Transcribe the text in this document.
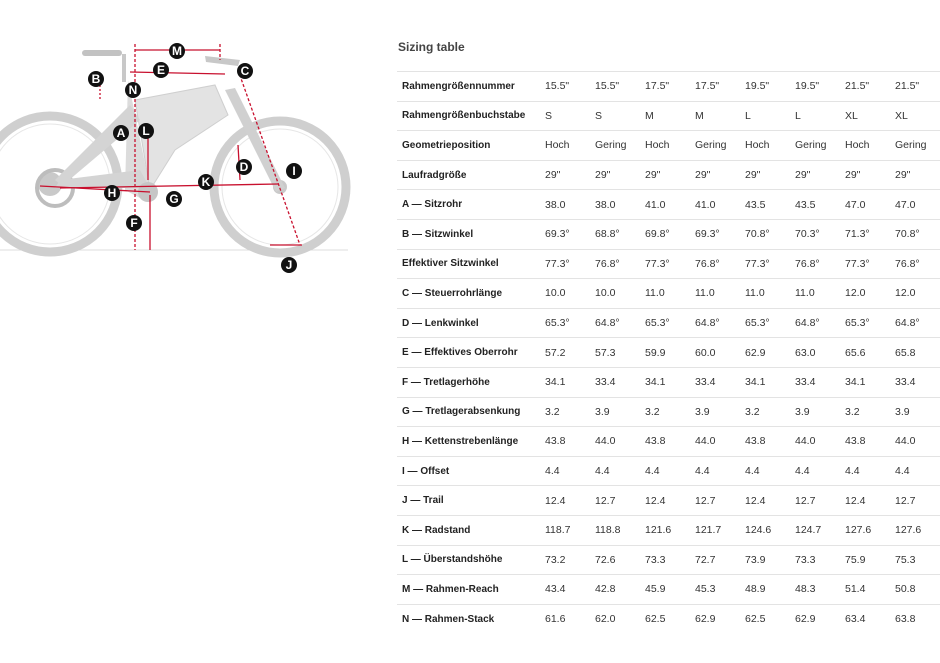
M
E	C
B
N
A L
D	I
K
H	G
F
J
Sizing table
Rahmengrößennummer	15.5"	15.5"	17.5"	17.5"	19.5"	19.5"	21.5"	21.5"
Rahmengrößenbuchstabe	S	S	M	M	L	L	XL	XL
Geometrieposition	Hoch	Gering	Hoch	Gering	Hoch	Gering	Hoch	Gering
Laufradgröße	29"	29"	29"	29"	29"	29"	29"	29"
A — Sitzrohr	38.0	38.0	41.0	41.0	43.5	43.5	47.0	47.0
B — Sitzwinkel	69.3°	68.8°	69.8°	69.3°	70.8°	70.3°	71.3°	70.8°
Effektiver Sitzwinkel	77.3°	76.8°	77.3°	76.8°	77.3°	76.8°	77.3°	76.8°
C — Steuerrohrlänge	10.0	10.0	11.0	11.0	11.0	11.0	12.0	12.0
D — Lenkwinkel	65.3°	64.8°	65.3°	64.8°	65.3°	64.8°	65.3°	64.8°
E — Effektives Oberrohr	57.2	57.3	59.9	60.0	62.9	63.0	65.6	65.8
F — Tretlagerhöhe	34.1	33.4	34.1	33.4	34.1	33.4	34.1	33.4
G — Tretlagerabsenkung	3.2	3.9	3.2	3.9	3.2	3.9	3.2	3.9
H — Kettenstrebenlänge	43.8	44.0	43.8	44.0	43.8	44.0	43.8	44.0
I — Offset	4.4	4.4	4.4	4.4	4.4	4.4	4.4	4.4
J — Trail	12.4	12.7	12.4	12.7	12.4	12.7	12.4	12.7
K — Radstand	118.7	118.8	121.6	121.7	124.6	124.7	127.6	127.6
L — Überstandshöhe	73.2	72.6	73.3	72.7	73.9	73.3	75.9	75.3
M — Rahmen-Reach	43.4	42.8	45.9	45.3	48.9	48.3	51.4	50.8
N — Rahmen-Stack	61.6	62.0	62.5	62.9	62.5	62.9	63.4	63.8
